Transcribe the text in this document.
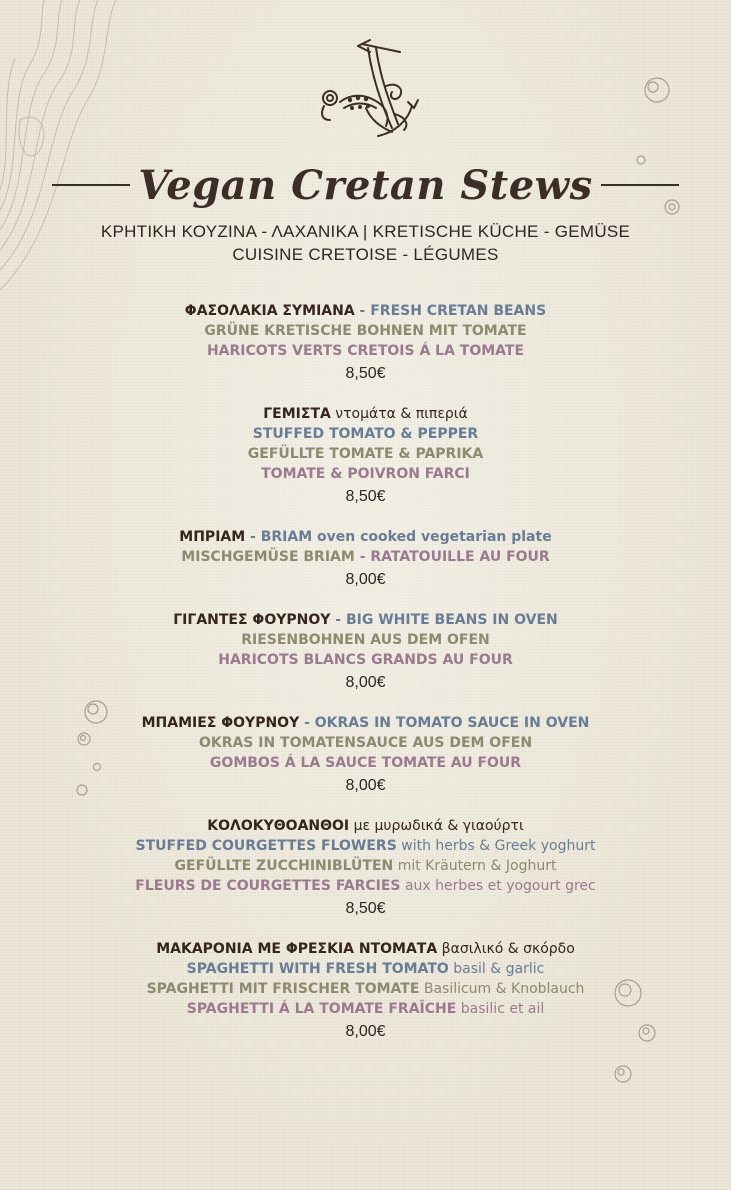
Vegan Cretan Stews
ΚΡΗΤΙΚΗ ΚΟΥΖΙΝΑ - ΛΑΧΑΝΙΚΑ | KRETISCHE KÜCHE - GEMÜSE
CUISINE CRETOISE - LÉGUMES
ΦΑΣΟΛΑΚΙΑ ΣΥΜΙΑΝΑ - FRESH CRETAN BEANS
GRÜNE KRETISCHE BOHNEN MIT TOMATE
HARICOTS VERTS CRETOIS Á LA TOMATE
8,50€
ΓΕΜΙΣΤΑ ντομάτα & πιπεριά
STUFFED TOMATO & PEPPER
GEFÜLLTE TOMATE & PAPRIKA
TOMATE & POIVRON FARCI
8,50€
ΜΠΡΙΑΜ - BRIAM oven cooked vegetarian plate
MISCHGEMÜSE BRIAM - RATATOUILLE AU FOUR
8,00€
ΓΙΓΑΝΤΕΣ ΦΟΥΡΝΟΥ - BIG WHITE BEANS IN OVEN
RIESENBOHNEN AUS DEM OFEN
HARICOTS BLANCS GRANDS AU FOUR
8,00€
ΜΠΑΜΙΕΣ ΦΟΥΡΝΟΥ - OKRAS IN TOMATO SAUCE IN OVEN
OKRAS IN TOMATENSAUCE AUS DEM OFEN
GOMBOS Á LA SAUCE TOMATE AU FOUR
8,00€
ΚΟΛΟΚΥΘΟΑΝΘΟΙ με μυρωδικά & γιαούρτι
STUFFED COURGETTES FLOWERS with herbs & Greek yoghurt
GEFÜLLTE ZUCCHINIBLÜTEN mit Kräutern & Joghurt
FLEURS DE COURGETTES FARCIES aux herbes et yogourt grec
8,50€
ΜΑΚΑΡΟΝΙΑ ΜΕ ΦΡΕΣΚΙΑ ΝΤΟΜΑΤΑ βασιλικό & σκόρδο
SPAGHETTI WITH FRESH TOMATO basil & garlic
SPAGHETTI MIT FRISCHER TOMATE Basilicum & Knoblauch
SPAGHETTI Á LA TOMATE FRAÎCHE basilic et ail
8,00€
